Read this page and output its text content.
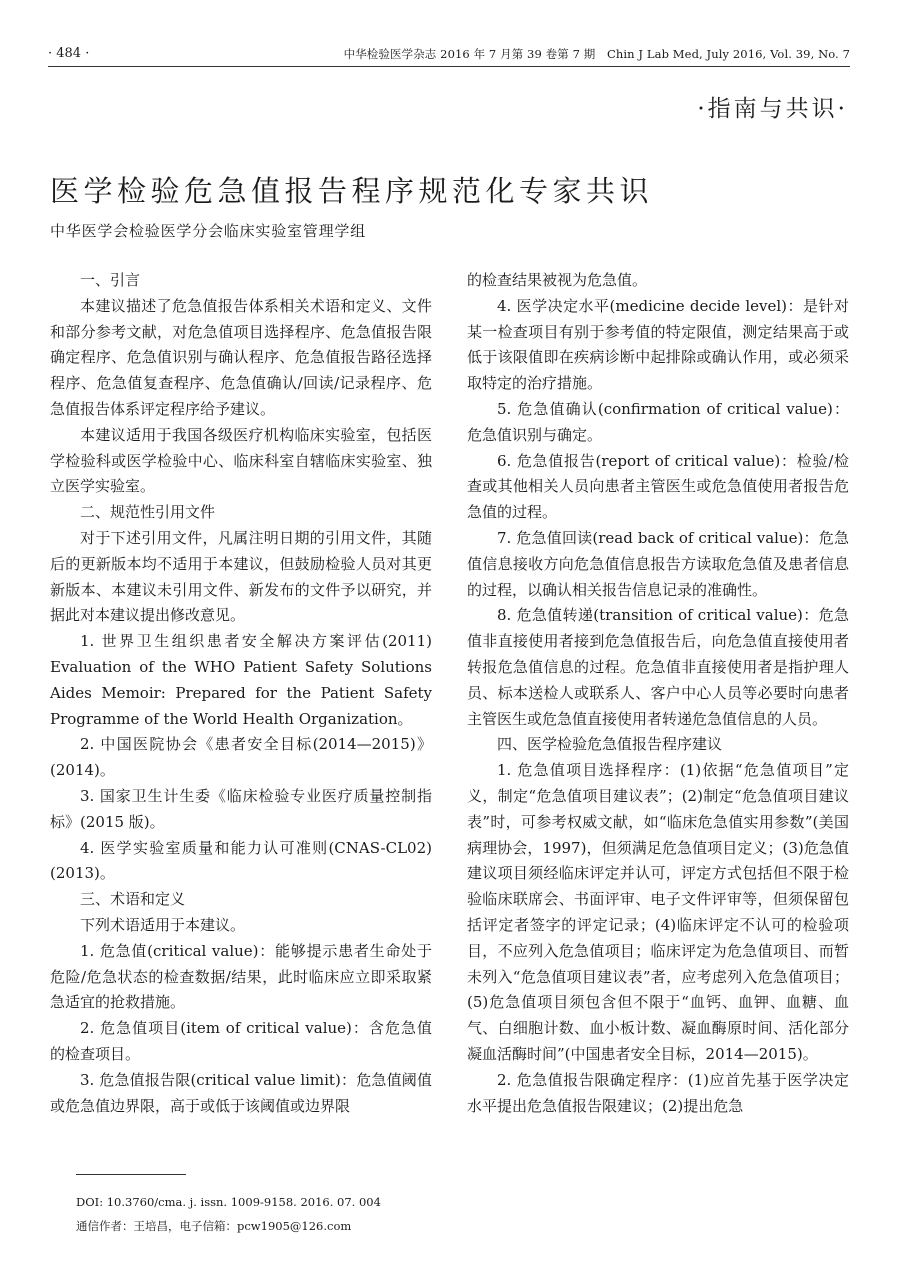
· 484 ·	中华检验医学杂志 2016 年 7 月第 39 卷第 7 期　Chin J Lab Med, July 2016, Vol. 39, No. 7
·指南与共识·
医学检验危急值报告程序规范化专家共识
中华医学会检验医学分会临床实验室管理学组

一、引言

本建议描述了危急值报告体系相关术语和定义、文件和部分参考文献，对危急值项目选择程序、危急值报告限确定程序、危急值识别与确认程序、危急值报告路径选择程序、危急值复查程序、危急值确认/回读/记录程序、危急值报告体系评定程序给予建议。

本建议适用于我国各级医疗机构临床实验室，包括医学检验科或医学检验中心、临床科室自辖临床实验室、独立医学实验室。

二、规范性引用文件

对于下述引用文件，凡属注明日期的引用文件，其随后的更新版本均不适用于本建议，但鼓励检验人员对其更新版本、本建议未引用文件、新发布的文件予以研究，并据此对本建议提出修改意见。

1. 世界卫生组织患者安全解决方案评估(2011) Evaluation of the WHO Patient Safety Solutions Aides Memoir: Prepared for the Patient Safety Programme of the World Health Organization。

2. 中国医院协会《患者安全目标(2014—2015)》(2014)。

3. 国家卫生计生委《临床检验专业医疗质量控制指标》(2015 版)。

4. 医学实验室质量和能力认可准则(CNAS-CL02)(2013)。

三、术语和定义

下列术语适用于本建议。

1. 危急值(critical value)：能够提示患者生命处于危险/危急状态的检查数据/结果，此时临床应立即采取紧急适宜的抢救措施。

2. 危急值项目(item of critical value)：含危急值的检查项目。

3. 危急值报告限(critical value limit)：危急值阈值或危急值边界限，高于或低于该阈值或边界限

的检查结果被视为危急值。

4. 医学决定水平(medicine decide level)：是针对某一检查项目有别于参考值的特定限值，测定结果高于或低于该限值即在疾病诊断中起排除或确认作用，或必须采取特定的治疗措施。

5. 危急值确认(confirmation of critical value)：危急值识别与确定。

6. 危急值报告(report of critical value)：检验/检查或其他相关人员向患者主管医生或危急值使用者报告危急值的过程。

7. 危急值回读(read back of critical value)：危急值信息接收方向危急值信息报告方读取危急值及患者信息的过程，以确认相关报告信息记录的准确性。

8. 危急值转递(transition of critical value)：危急值非直接使用者接到危急值报告后，向危急值直接使用者转报危急值信息的过程。危急值非直接使用者是指护理人员、标本送检人或联系人、客户中心人员等必要时向患者主管医生或危急值直接使用者转递危急值信息的人员。

四、医学检验危急值报告程序建议

1. 危急值项目选择程序：(1)依据“危急值项目”定义，制定“危急值项目建议表”；(2)制定“危急值项目建议表”时，可参考权威文献，如“临床危急值实用参数”(美国病理协会，1997)，但须满足危急值项目定义；(3)危急值建议项目须经临床评定并认可，评定方式包括但不限于检验临床联席会、书面评审、电子文件评审等，但须保留包括评定者签字的评定记录；(4)临床评定不认可的检验项目，不应列入危急值项目；临床评定为危急值项目、而暂未列入“危急值项目建议表”者，应考虑列入危急值项目；(5)危急值项目须包含但不限于“血钙、血钾、血糖、血气、白细胞计数、血小板计数、凝血酶原时间、活化部分凝血活酶时间”(中国患者安全目标，2014—2015)。

2. 危急值报告限确定程序：(1)应首先基于医学决定水平提出危急值报告限建议；(2)提出危急

DOI: 10.3760/cma. j. issn. 1009-9158. 2016. 07. 004
通信作者：王培昌，电子信箱：pcw1905@126.com
